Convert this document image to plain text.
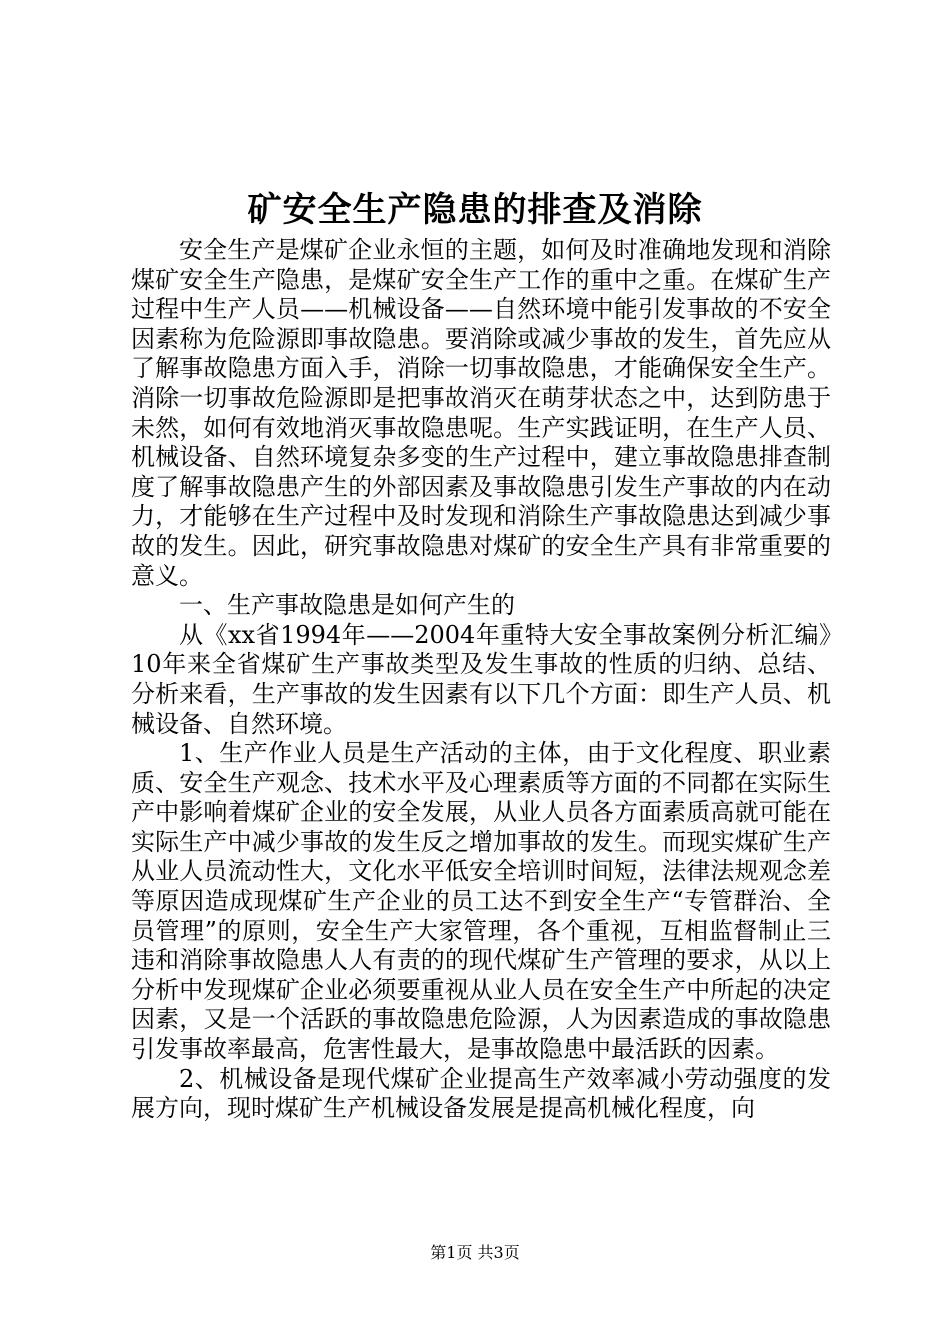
矿安全生产隐患的排查及消除

安全生产是煤矿企业永恒的主题，如何及时准确地发现和消除煤矿安全生产隐患，是煤矿安全生产工作的重中之重。在煤矿生产过程中生产人员——机械设备——自然环境中能引发事故的不安全因素称为危险源即事故隐患。要消除或减少事故的发生，首先应从了解事故隐患方面入手，消除一切事故隐患，才能确保安全生产。消除一切事故危险源即是把事故消灭在萌芽状态之中，达到防患于未然，如何有效地消灭事故隐患呢。生产实践证明，在生产人员、机械设备、自然环境复杂多变的生产过程中，建立事故隐患排查制度了解事故隐患产生的外部因素及事故隐患引发生产事故的内在动力，才能够在生产过程中及时发现和消除生产事故隐患达到减少事故的发生。因此，研究事故隐患对煤矿的安全生产具有非常重要的意义。

一、生产事故隐患是如何产生的

从《xx省1994年——2004年重特大安全事故案例分析汇编》10年来全省煤矿生产事故类型及发生事故的性质的归纳、总结、分析来看，生产事故的发生因素有以下几个方面：即生产人员、机械设备、自然环境。

1、生产作业人员是生产活动的主体，由于文化程度、职业素质、安全生产观念、技术水平及心理素质等方面的不同都在实际生产中影响着煤矿企业的安全发展，从业人员各方面素质高就可能在实际生产中减少事故的发生反之增加事故的发生。而现实煤矿生产从业人员流动性大，文化水平低安全培训时间短，法律法规观念差等原因造成现煤矿生产企业的员工达不到安全生产“专管群治、全员管理”的原则，安全生产大家管理，各个重视，互相监督制止三违和消除事故隐患人人有责的的现代煤矿生产管理的要求，从以上分析中发现煤矿企业必须要重视从业人员在安全生产中所起的决定因素，又是一个活跃的事故隐患危险源，人为因素造成的事故隐患引发事故率最高，危害性最大，是事故隐患中最活跃的因素。

2、机械设备是现代煤矿企业提高生产效率减小劳动强度的发展方向，现时煤矿生产机械设备发展是提高机械化程度，向

第1页 共3页
